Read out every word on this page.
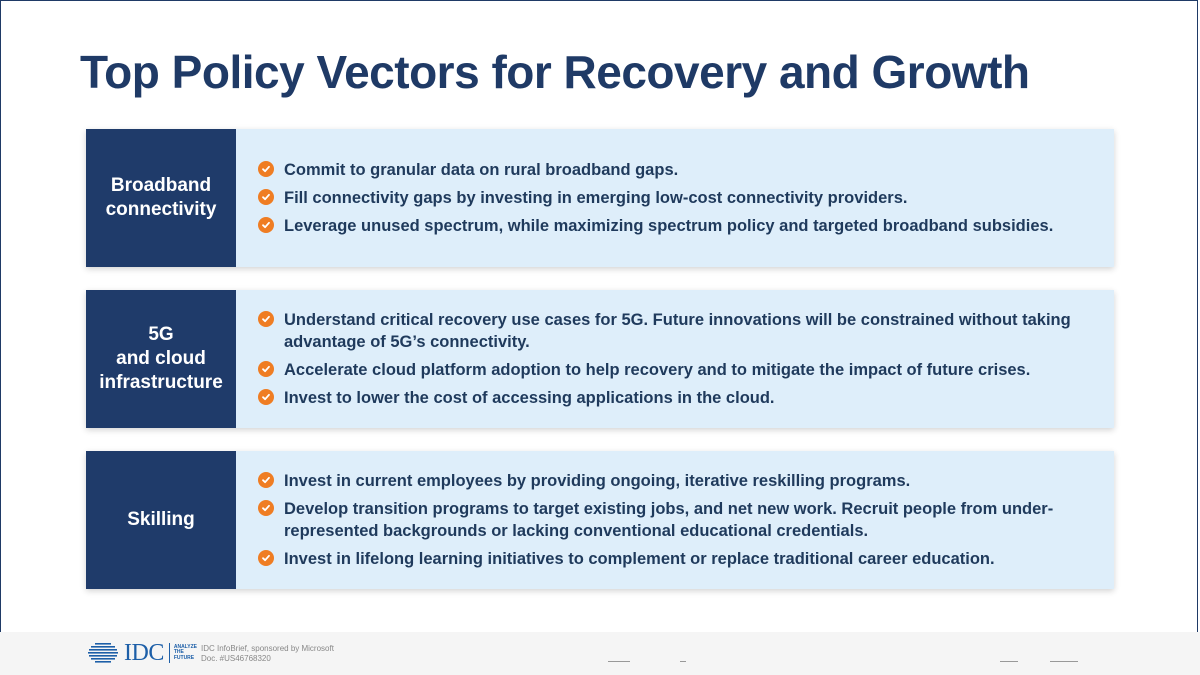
Top Policy Vectors for Recovery and Growth
Broadband
connectivity
Commit to granular data on rural broadband gaps.
Fill connectivity gaps by investing in emerging low-cost connectivity providers.
Leverage unused spectrum, while maximizing spectrum policy and targeted broadband subsidies.
5G
and cloud
infrastructure
Understand critical recovery use cases for 5G. Future innovations will be constrained without taking advantage of 5G’s connectivity.
Accelerate cloud platform adoption to help recovery and to mitigate the impact of future crises.
Invest to lower the cost of accessing applications in the cloud.
Skilling
Invest in current employees by providing ongoing, iterative reskilling programs.
Develop transition programs to target existing jobs, and net new work. Recruit people from under-represented backgrounds or lacking conventional educational credentials.
Invest in lifelong learning initiatives to complement or replace traditional career education.
IDC ANALYZE THE FUTURE
IDC InfoBrief, sponsored by Microsoft
Doc. #US46768320
